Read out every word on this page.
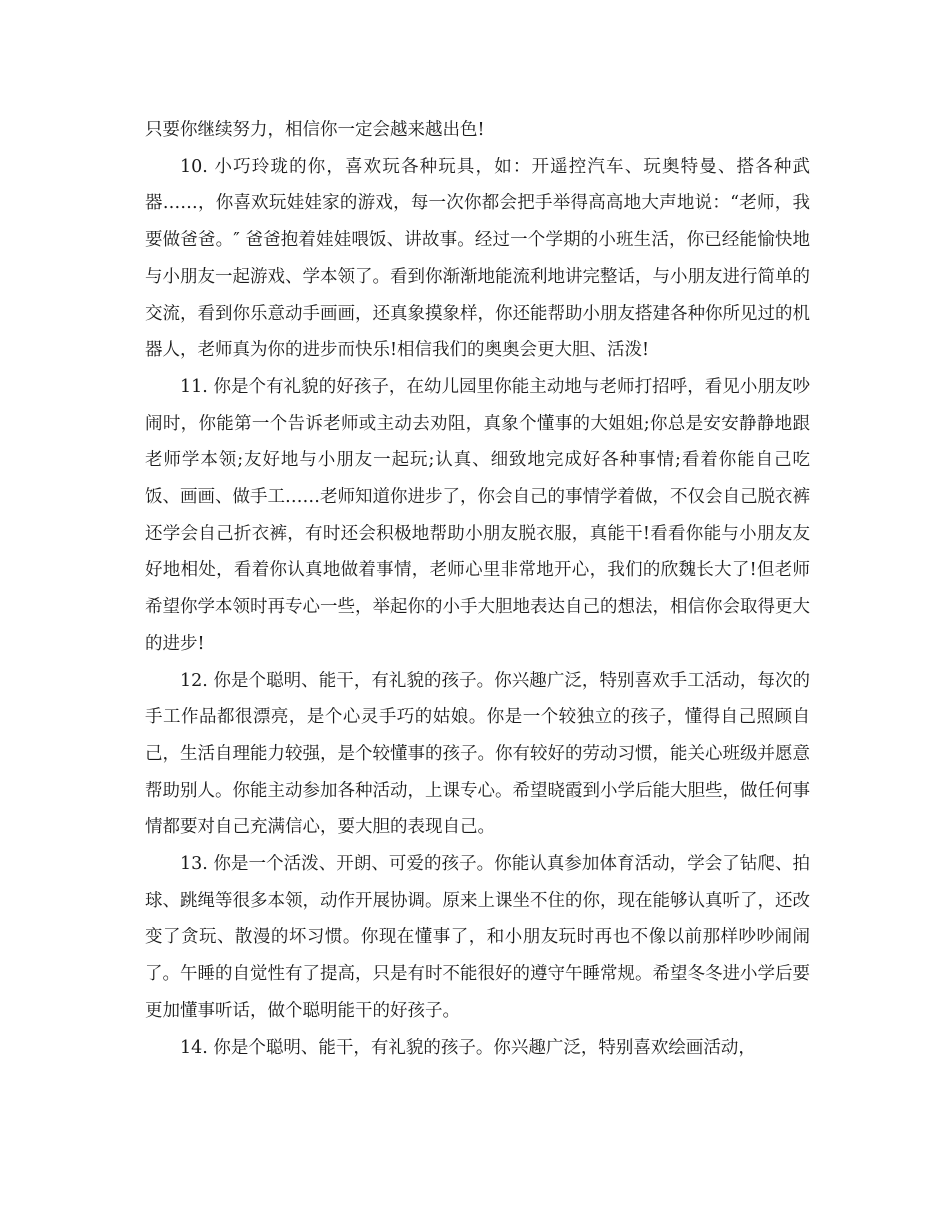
只要你继续努力，相信你一定会越来越出色!

10. 小巧玲珑的你，喜欢玩各种玩具，如：开遥控汽车、玩奥特曼、搭各种武器……，你喜欢玩娃娃家的游戏，每一次你都会把手举得高高地大声地说：“老师，我要做爸爸。″ 爸爸抱着娃娃喂饭、讲故事。经过一个学期的小班生活，你已经能愉快地与小朋友一起游戏、学本领了。看到你渐渐地能流利地讲完整话，与小朋友进行简单的交流，看到你乐意动手画画，还真象摸象样，你还能帮助小朋友搭建各种你所见过的机器人，老师真为你的进步而快乐!相信我们的奥奥会更大胆、活泼!

11. 你是个有礼貌的好孩子，在幼儿园里你能主动地与老师打招呼，看见小朋友吵闹时，你能第一个告诉老师或主动去劝阻，真象个懂事的大姐姐;你总是安安静静地跟老师学本领;友好地与小朋友一起玩;认真、细致地完成好各种事情;看着你能自己吃饭、画画、做手工……老师知道你进步了，你会自己的事情学着做，不仅会自己脱衣裤还学会自己折衣裤，有时还会积极地帮助小朋友脱衣服，真能干!看看你能与小朋友友好地相处，看着你认真地做着事情，老师心里非常地开心，我们的欣魏长大了!但老师希望你学本领时再专心一些，举起你的小手大胆地表达自己的想法，相信你会取得更大的进步!

12. 你是个聪明、能干，有礼貌的孩子。你兴趣广泛，特别喜欢手工活动，每次的手工作品都很漂亮，是个心灵手巧的姑娘。你是一个较独立的孩子，懂得自己照顾自己，生活自理能力较强，是个较懂事的孩子。你有较好的劳动习惯，能关心班级并愿意帮助别人。你能主动参加各种活动，上课专心。希望晓霞到小学后能大胆些，做任何事情都要对自己充满信心，要大胆的表现自己。

13. 你是一个活泼、开朗、可爱的孩子。你能认真参加体育活动，学会了钻爬、拍球、跳绳等很多本领，动作开展协调。原来上课坐不住的你，现在能够认真听了，还改变了贪玩、散漫的坏习惯。你现在懂事了，和小朋友玩时再也不像以前那样吵吵闹闹了。午睡的自觉性有了提高，只是有时不能很好的遵守午睡常规。希望冬冬进小学后要更加懂事听话，做个聪明能干的好孩子。

14. 你是个聪明、能干，有礼貌的孩子。你兴趣广泛，特别喜欢绘画活动，
